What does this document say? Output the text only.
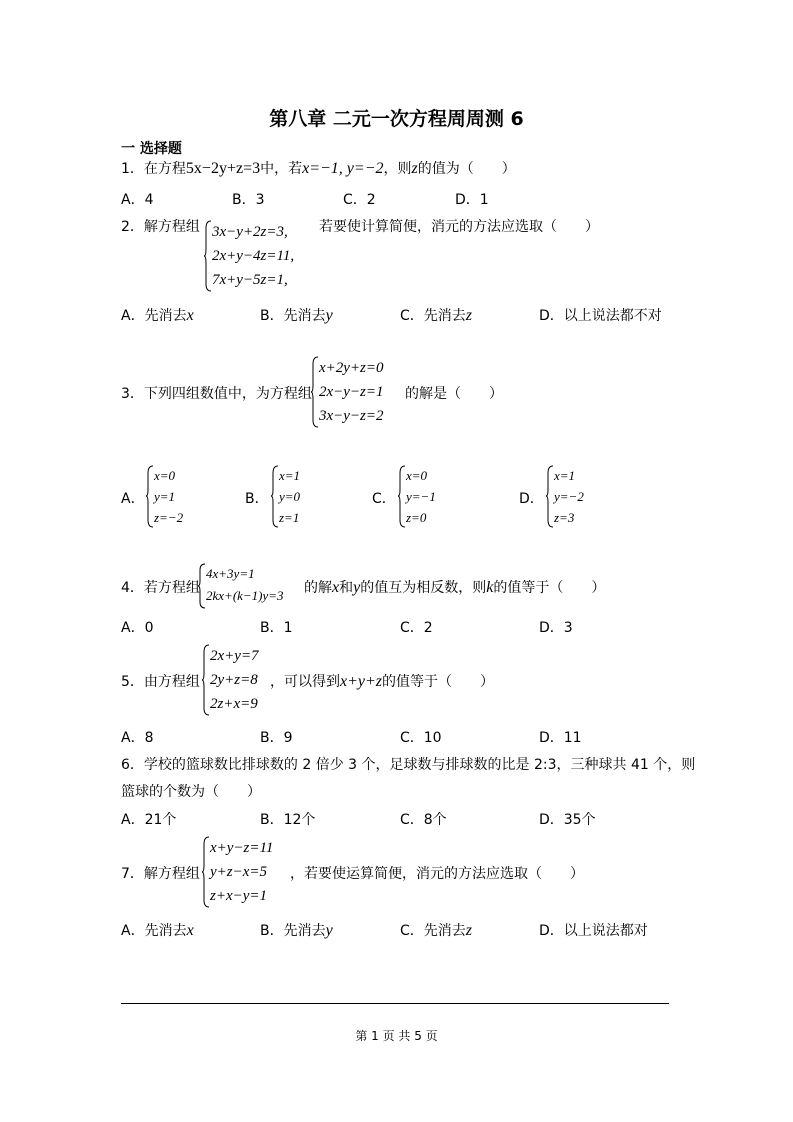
第八章 二元一次方程周周测 6
一 选择题
1．在方程5x−2y+z=3中，若x=−1, y=−2，则z的值为（　　）
A．4	B．3	C．2	D．1
2．解方程组 3x−y+2z=3,
2x+y−4z=11,
7x+y−5z=1,
若要使计算简便，消元的方法应选取（　　）
A．先消去x	B．先消去y	C．先消去z	D．以上说法都不对
3．下列四组数值中，为方程组
x+2y+z=0
2x−y−z=1
3x−y−z=2
的解是（　　）
A．
x=0
y=1
z=−2
B．
x=1
y=0
z=1
C．
x=0
y=−1
z=0
D．
x=1
y=−2
z=3
4．若方程组
4x+3y=1
2kx+(k−1)y=3 的解x和y的值互为相反数，则k的值等于（　　）
A．0	B．1	C．2	D．3
5．由方程组
2x+y=7
2y+z=8
2z+x=9
，可以得到x+y+z的值等于（　　）
A．8	B．9	C．10	D．11
6．学校的篮球数比排球数的 2 倍少 3 个，足球数与排球数的比是 2:3，三种球共 41 个，则
篮球的个数为（　　）
A．21个	B．12个	C．8个	D．35个
7．解方程组
x+y−z=11
y+z−x=5
z+x−y=1
，若要使运算简便，消元的方法应选取（　　）
A．先消去x	B．先消去y	C．先消去z	D．以上说法都对
第 1 页 共 5 页
